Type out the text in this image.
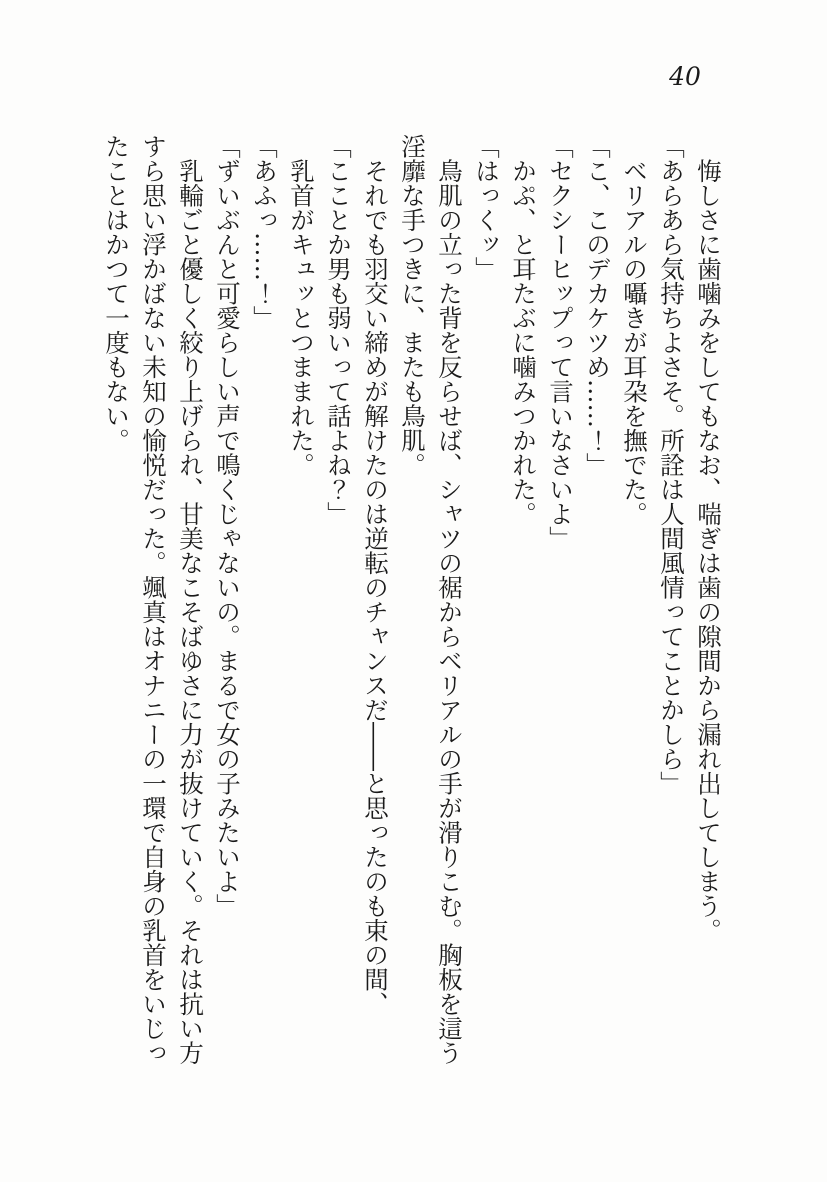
40

　悔しさに歯噛みをしてもなお、喘ぎは歯の隙間から漏れ出してしまう。

「あらあら気持ちよさそ。所詮は人間風情ってことかしら」

　ベリアルの囁きが耳朶を撫でた。

「こ、このデカケツめ……！」

「セクシーヒップって言いなさいよ」

　かぷ、と耳たぶに噛みつかれた。

「はっくッ」

　鳥肌の立った背を反らせば、シャツの裾からベリアルの手が滑りこむ。胸板を這う淫靡な手つきに、またも鳥肌。

　それでも羽交い締めが解けたのは逆転のチャンスだ――と思ったのも束の間、

「こことか男も弱いって話よね？」

　乳首がキュッとつままれた。

「あふっ……！」

「ずいぶんと可愛らしい声で鳴くじゃないの。まるで女の子みたいよ」

　乳輪ごと優しく絞り上げられ、甘美なこそばゆさに力が抜けていく。それは抗い方すら思い浮かばない未知の愉悦だった。颯真はオナニーの一環で自身の乳首をいじったことはかつて一度もない。
